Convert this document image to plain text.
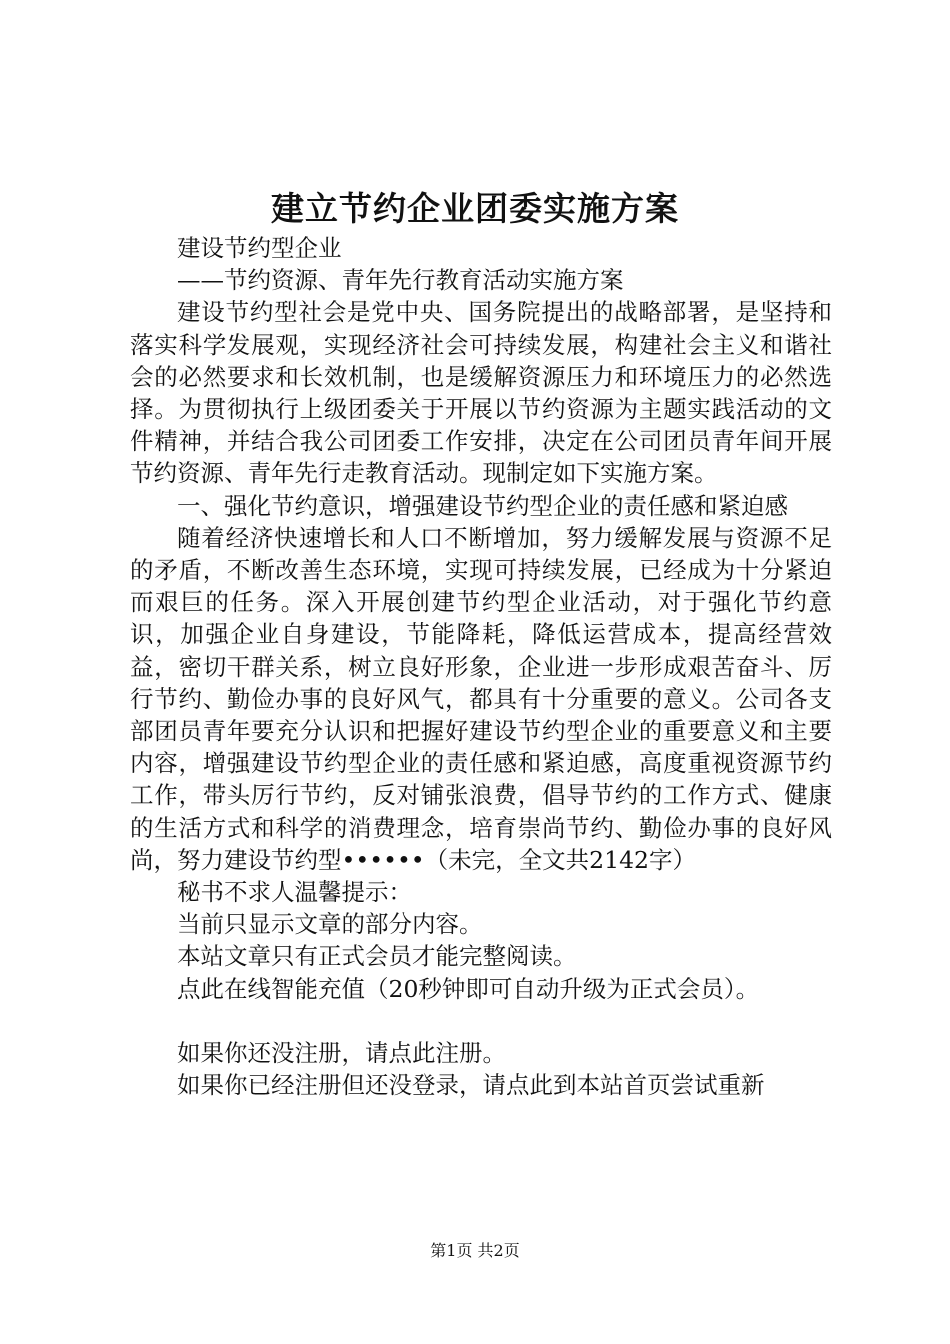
建立节约企业团委实施方案

建设节约型企业

——节约资源、青年先行教育活动实施方案

建设节约型社会是党中央、国务院提出的战略部署，是坚持和落实科学发展观，实现经济社会可持续发展，构建社会主义和谐社会的必然要求和长效机制，也是缓解资源压力和环境压力的必然选择。为贯彻执行上级团委关于开展以节约资源为主题实践活动的文件精神，并结合我公司团委工作安排，决定在公司团员青年间开展节约资源、青年先行走教育活动。现制定如下实施方案。

一、强化节约意识，增强建设节约型企业的责任感和紧迫感

随着经济快速增长和人口不断增加，努力缓解发展与资源不足的矛盾，不断改善生态环境，实现可持续发展，已经成为十分紧迫而艰巨的任务。深入开展创建节约型企业活动，对于强化节约意识，加强企业自身建设，节能降耗，降低运营成本，提高经营效益，密切干群关系，树立良好形象，企业进一步形成艰苦奋斗、厉行节约、勤俭办事的良好风气，都具有十分重要的意义。公司各支部团员青年要充分认识和把握好建设节约型企业的重要意义和主要内容，增强建设节约型企业的责任感和紧迫感，高度重视资源节约工作，带头厉行节约，反对铺张浪费，倡导节约的工作方式、健康的生活方式和科学的消费理念，培育崇尚节约、勤俭办事的良好风尚，努力建设节约型••••••（未完，全文共2142字）

秘书不求人温馨提示：

当前只显示文章的部分内容。

本站文章只有正式会员才能完整阅读。

点此在线智能充值（20秒钟即可自动升级为正式会员）。

如果你还没注册，请点此注册。

如果你已经注册但还没登录，请点此到本站首页尝试重新

第1页 共2页
